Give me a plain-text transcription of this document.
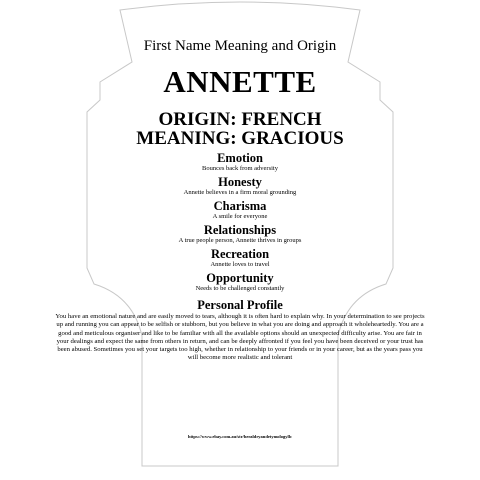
First Name Meaning and Origin
ANNETTE
ORIGIN: FRENCH
MEANING: GRACIOUS
Emotion

Bounces back from adversity

Honesty

Annette believes in a firm moral grounding

Charisma

A smile for everyone

Relationships

A true people person, Annette thrives in groups

Recreation

Annette loves to travel

Opportunity

Needs to be challenged constantly

Personal Profile

You have an emotional nature and are easily moved to tears, although it is often hard to explain why. In your determination to see projects up and running you can appear to be selfish or stubborn, but you believe in what you are doing and approach it wholeheartedly. You are a good and meticulous organiser and like to be familiar with all the available options should an unexpected difficulty arise. You are fair in your dealings and expect the same from others in return, and can be deeply affronted if you feel you have been deceived or your trust has been abused. Sometimes you set your targets too high, whether in relationship to your friends or in your career, but as the years pass you will become more realistic and tolerant

https://www.ebay.com.au/str/heraldryandetymologyllc
